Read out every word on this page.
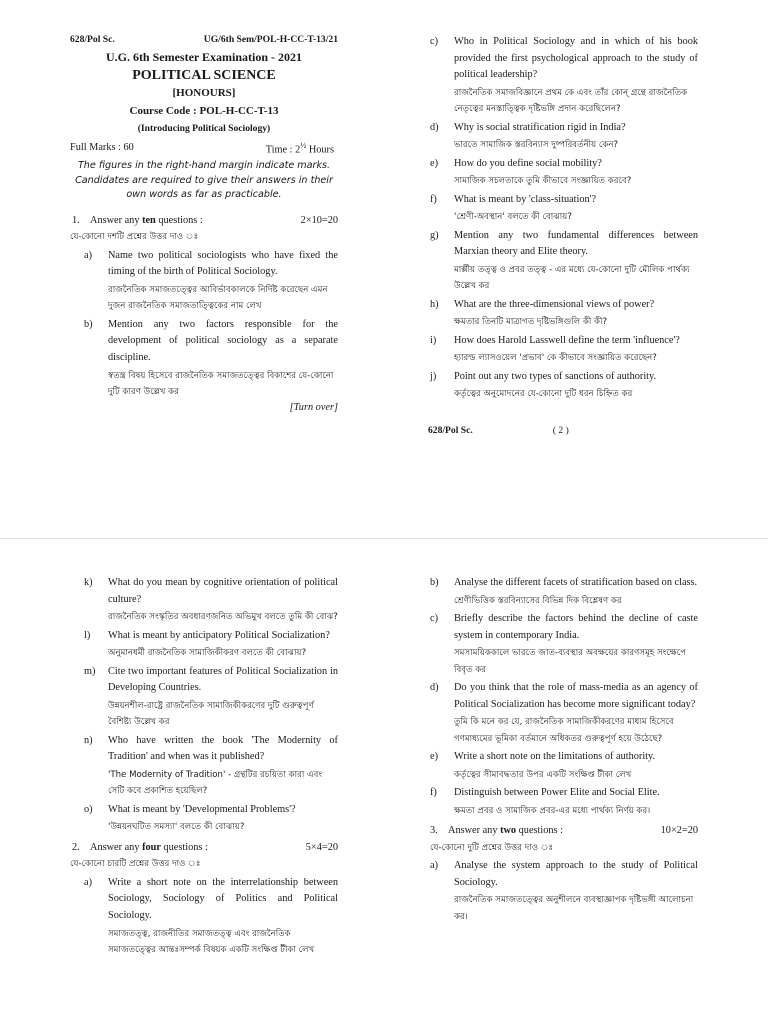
628/Pol Sc.	UG/6th Sem/POL-H-CC-T-13/21

U.G. 6th Semester Examination - 2021

POLITICAL SCIENCE

[HONOURS]

Course Code : POL-H-CC-T-13

(Introducing Political Sociology)

Full Marks : 60	Time : $2^{\frac{1}{2}}$ Hours

The figures in the right-hand margin indicate marks. Candidates are required to give their answers in their own words as far as practicable.

1. Answer any ten questions :	2×10=20

যে-কোনো দশটি প্রশ্নের উত্তর দাও ঃ

a)	Name two political sociologists who have fixed the timing of the birth of Political Sociology.

রাজনৈতিক সমাজতত্ত্বের আবির্ভাবকালকে নির্দিষ্ট করেছেন এমন দুজন রাজনৈতিক সমাজতাত্ত্বিকের নাম লেখ

b)	Mention any two factors responsible for the development of political sociology as a separate discipline.

স্বতন্ত্র বিষয় হিসেবে রাজনৈতিক সমাজতত্ত্বের বিকাশের যে-কোনো দুটি কারণ উল্লেখ কর

[Turn over]

c)	Who in Political Sociology and in which of his book provided the first psychological approach to the study of political leadership?

রাজনৈতিক সমাজবিজ্ঞানে প্রথম কে এবং তাঁর কোন্ গ্রন্থে রাজনৈতিক নেতৃত্বের মনস্তাত্ত্বিক দৃষ্টিভঙ্গি প্রদান করেছিলেন?

d)	Why is social stratification rigid in India?

ভারতে সামাজিক স্তরবিন্যাস দুষ্পরিবর্তনীয় কেন?

e)	How do you define social mobility?

সামাজিক সচলতাকে তুমি কীভাবে সংজ্ঞায়িত করবে?

f)	What is meant by 'class-situation'?

'শ্রেণী-অবস্থান' বলতে কী বোঝায়?

g)	Mention any two fundamental differences between Marxian theory and Elite theory.

মার্ক্সীয় তত্ত্ব ও প্রবর তত্ত্ব - এর মধ্যে যে-কোনো দুটি মৌলিক পার্থক্য উল্লেখ কর

h)	What are the three-dimensional views of power?

ক্ষমতার তিনটি মাত্রাগত দৃষ্টিভঙ্গিগুলি কী কী?

i)	How does Harold Lasswell define the term 'influence'?

হ্যারল্ড ল্যাসওয়েল 'প্রভাব' কে কীভাবে সংজ্ঞায়িত করেছেন?

j)	Point out any two types of sanctions of authority.

কর্তৃত্বের অনুমোদনের যে-কোনো দুটি ধরন চিহ্নিত কর

628/Pol Sc.	( 2 )
k)	What do you mean by cognitive orientation of political culture?

রাজনৈতিক সংস্কৃতির অবধারণজনিত অভিমুখ বলতে তুমি কী বোঝ?

l)	What is meant by anticipatory Political Socialization?

অনুমানধর্মী রাজনৈতিক সামাজিকীকরণ বলতে কী বোঝায়?

m)	Cite two important features of Political Socialization in Developing Countries.

উন্নয়নশীল-রাষ্ট্রে রাজনৈতিক সামাজিকীকরণের দুটি গুরুত্বপূর্ণ বৈশিষ্ট্য উল্লেখ কর

n)	Who have written the book 'The Modernity of Tradition' and when was it published?

'The Modernity of Tradition' - গ্রন্থটির রচয়িতা কারা এবং সেটি কবে প্রকাশিত হয়েছিল?

o)	What is meant by 'Developmental Problems'?

'উন্নয়নঘটিত সমস্যা' বলতে কী বোঝায়?

2. Answer any four questions :	5×4=20

যে-কোনো চারটি প্রশ্নের উত্তর দাও ঃ

a)	Write a short note on the interrelationship between Sociology, Sociology of Politics and Political Sociology.

সমাজতত্ত্ব, রাজনীতির সমাজতত্ত্ব এবং রাজনৈতিক সমাজতত্ত্বের আন্তঃসম্পর্ক বিষয়ক একটি সংক্ষিপ্ত টীকা লেখ

b)	Analyse the different facets of stratification based on class.

শ্রেণীভিত্তিক স্তরবিন্যাসের বিভিন্ন দিক বিশ্লেষণ কর

c)	Briefly describe the factors behind the decline of caste system in contemporary India.

সমসাময়িককালে ভারতে জাত-ব্যবস্থার অবক্ষয়ের কারণসমূহ সংক্ষেপে বিবৃত কর

d)	Do you think that the role of mass-media as an agency of Political Socialization has become more significant today?

তুমি কি মনে কর যে, রাজনৈতিক সামাজিকীকরণের মাধ্যম হিসেবে গণমাধ্যমের ভূমিকা বর্তমানে অধিকতর গুরুত্বপূর্ণ হয়ে উঠেছে?

e)	Write a short note on the limitations of authority.

কর্তৃত্বের সীমাবদ্ধতার উপর একটি সংক্ষিপ্ত টীকা লেখ

f)	Distinguish between Power Elite and Social Elite.

ক্ষমতা প্রবর ও সামাজিক প্রবর-এর মধ্যে পার্থক্য নির্ণয় কর।

3. Answer any two questions :	10×2=20

যে-কোনো দুটি প্রশ্নের উত্তর দাও ঃ

a)	Analyse the system approach to the study of Political Sociology.

রাজনৈতিক সমাজতত্ত্বের অনুশীলনে ব্যবস্থাজ্ঞাপক দৃষ্টিভঙ্গী আলোচনা কর।
